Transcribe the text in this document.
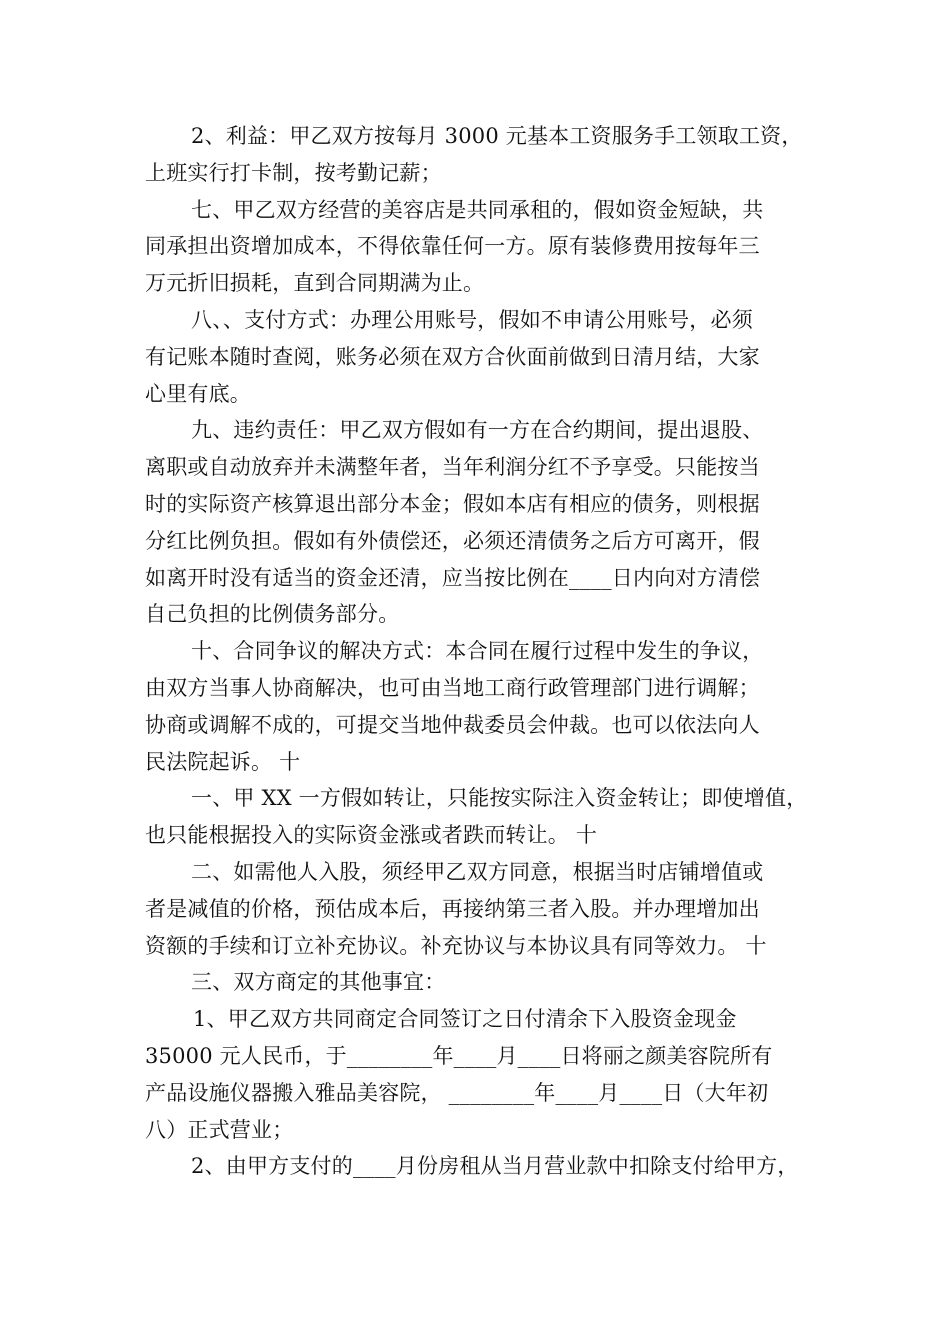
2、利益：甲乙双方按每月 3000 元基本工资服务手工领取工资，
上班实行打卡制，按考勤记薪；
七、甲乙双方经营的美容店是共同承租的，假如资金短缺，共
同承担出资增加成本，不得依靠任何一方。原有装修费用按每年三
万元折旧损耗，直到合同期满为止。
八、、支付方式：办理公用账号，假如不申请公用账号，必须
有记账本随时查阅，账务必须在双方合伙面前做到日清月结，大家
心里有底。
九、违约责任：甲乙双方假如有一方在合约期间，提出退股、
离职或自动放弃并未满整年者，当年利润分红不予享受。只能按当
时的实际资产核算退出部分本金；假如本店有相应的债务，则根据
分红比例负担。假如有外债偿还，必须还清债务之后方可离开，假
如离开时没有适当的资金还清，应当按比例在____日内向对方清偿
自己负担的比例债务部分。
十、合同争议的解决方式：本合同在履行过程中发生的争议，
由双方当事人协商解决，也可由当地工商行政管理部门进行调解；
协商或调解不成的，可提交当地仲裁委员会仲裁。也可以依法向人
民法院起诉。 十
一、甲 XX 一方假如转让，只能按实际注入资金转让；即使增值，
也只能根据投入的实际资金涨或者跌而转让。 十
二、如需他人入股，须经甲乙双方同意，根据当时店铺增值或
者是减值的价格，预估成本后，再接纳第三者入股。并办理增加出
资额的手续和订立补充协议。补充协议与本协议具有同等效力。 十
三、双方商定的其他事宜：
1、甲乙双方共同商定合同签订之日付清余下入股资金现金
35000 元人民币，于________年____月____日将丽之颜美容院所有
产品设施仪器搬入雅品美容院， ________年____月____日（大年初
八）正式营业；
2、由甲方支付的____月份房租从当月营业款中扣除支付给甲方，
